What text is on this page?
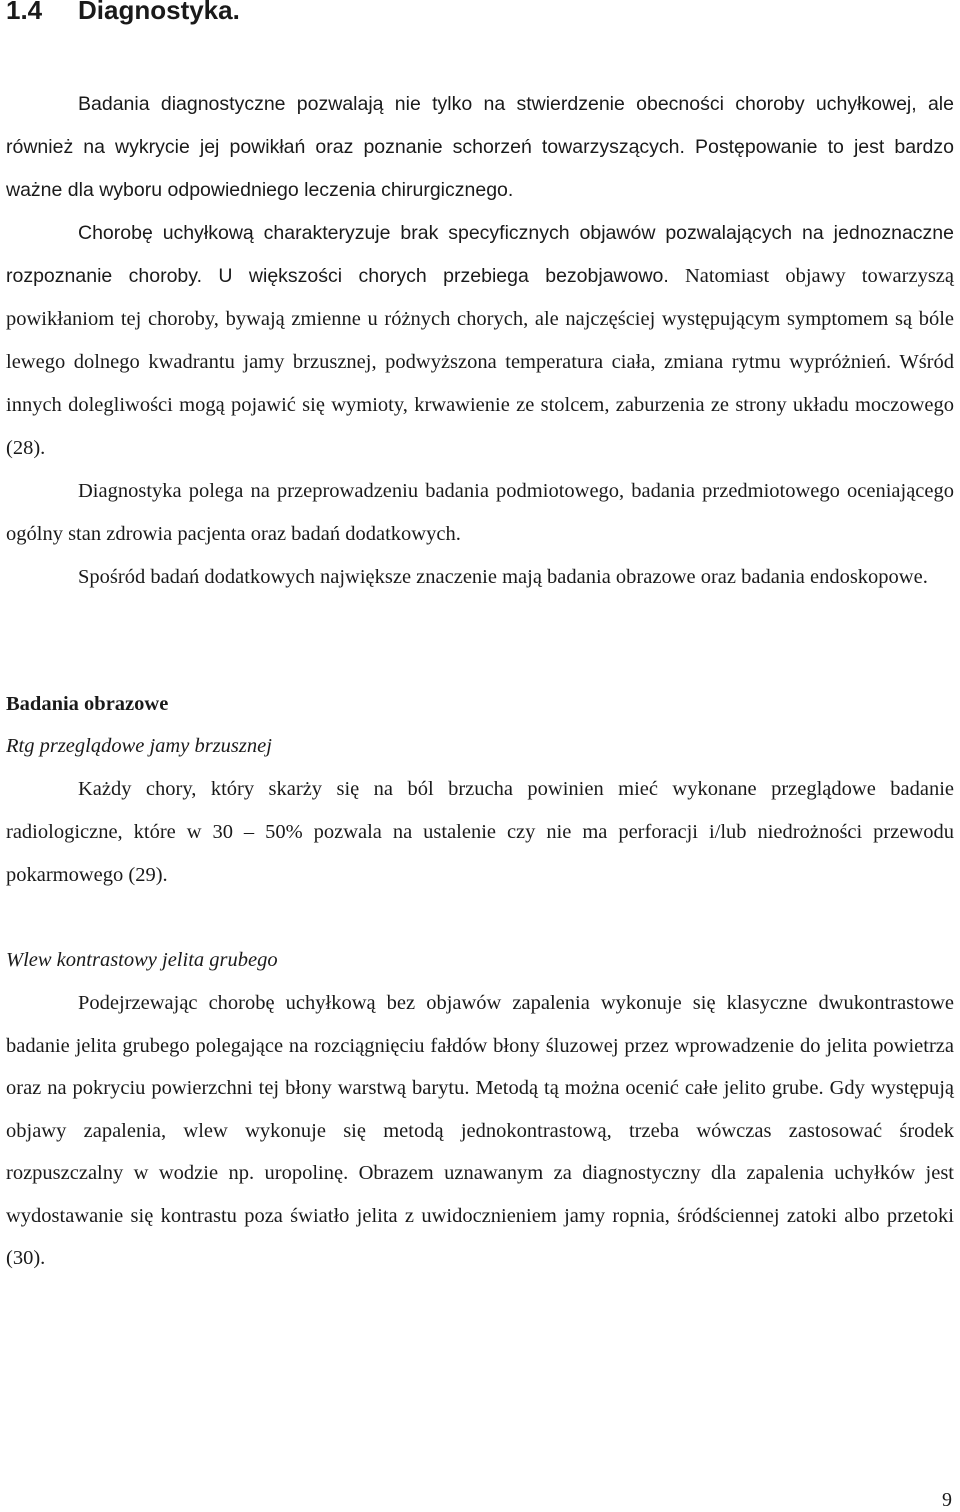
1.4 Diagnostyka.

Badania diagnostyczne pozwalają nie tylko na stwierdzenie obecności choroby uchyłkowej, ale również na wykrycie jej powikłań oraz poznanie schorzeń towarzyszących. Postępowanie to jest bardzo ważne dla wyboru odpowiedniego leczenia chirurgicznego.

Chorobę uchyłkową charakteryzuje brak specyficznych objawów pozwalających na jednoznaczne rozpoznanie choroby. U większości chorych przebiega bezobjawowo. Natomiast objawy towarzyszą powikłaniom tej choroby, bywają zmienne u różnych chorych, ale najczęściej występującym symptomem są bóle lewego dolnego kwadrantu jamy brzusznej, podwyższona temperatura ciała, zmiana rytmu wypróżnień. Wśród innych dolegliwości mogą pojawić się wymioty, krwawienie ze stolcem, zaburzenia ze strony układu moczowego (28).

Diagnostyka polega na przeprowadzeniu badania podmiotowego, badania przedmiotowego oceniającego ogólny stan zdrowia pacjenta oraz badań dodatkowych.

Spośród badań dodatkowych największe znaczenie mają badania obrazowe oraz badania endoskopowe.

Badania obrazowe

Rtg przeglądowe jamy brzusznej

Każdy chory, który skarży się na ból brzucha powinien mieć wykonane przeglądowe badanie radiologiczne, które w 30 – 50% pozwala na ustalenie czy nie ma perforacji i/lub niedrożności przewodu pokarmowego (29).

Wlew kontrastowy jelita grubego

Podejrzewając chorobę uchyłkową bez objawów zapalenia wykonuje się klasyczne dwukontrastowe badanie jelita grubego polegające na rozciągnięciu fałdów błony śluzowej przez wprowadzenie do jelita powietrza oraz na pokryciu powierzchni tej błony warstwą barytu. Metodą tą można ocenić całe jelito grube. Gdy występują objawy zapalenia, wlew wykonuje się metodą jednokontrastową, trzeba wówczas zastosować środek rozpuszczalny w wodzie np. uropolinę. Obrazem uznawanym za diagnostyczny dla zapalenia uchyłków jest wydostawanie się kontrastu poza światło jelita z uwidocznieniem jamy ropnia, śródściennej zatoki albo przetoki (30).

9
